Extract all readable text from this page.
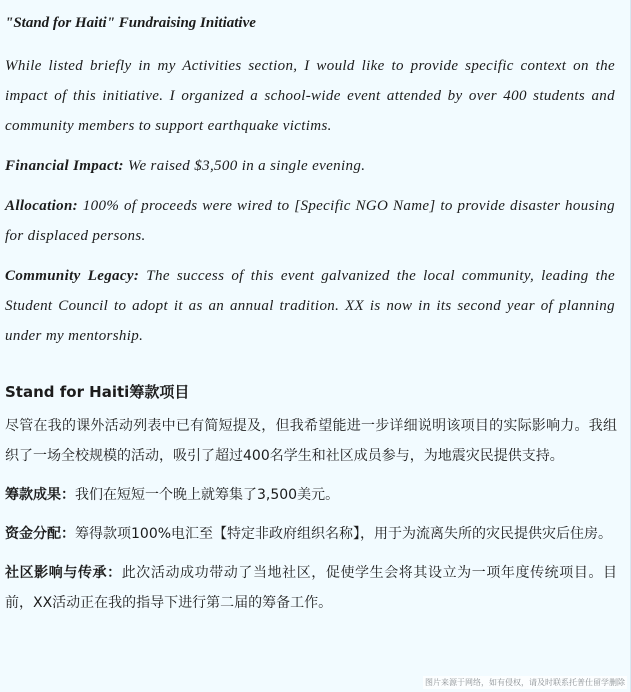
"Stand for Haiti" Fundraising Initiative

While listed briefly in my Activities section, I would like to provide specific context on the impact of this initiative. I organized a school-wide event attended by over 400 students and community members to support earthquake victims.

Financial Impact: We raised $3,500 in a single evening.

Allocation: 100% of proceeds were wired to [Specific NGO Name] to provide disaster housing for displaced persons.

Community Legacy: The success of this event galvanized the local community, leading the Student Council to adopt it as an annual tradition. XX is now in its second year of planning under my mentorship.

Stand for Haiti筹款项目

尽管在我的课外活动列表中已有简短提及，但我希望能进一步详细说明该项目的实际影响力。我组织了一场全校规模的活动，吸引了超过400名学生和社区成员参与，为地震灾民提供支持。

筹款成果：我们在短短一个晚上就筹集了3,500美元。

资金分配：筹得款项100%电汇至【特定非政府组织名称】，用于为流离失所的灾民提供灾后住房。

社区影响与传承：此次活动成功带动了当地社区，促使学生会将其设立为一项年度传统项目。目前，XX活动正在我的指导下进行第二届的筹备工作。

图片来源于网络，如有侵权，请及时联系托普仕留学删除
